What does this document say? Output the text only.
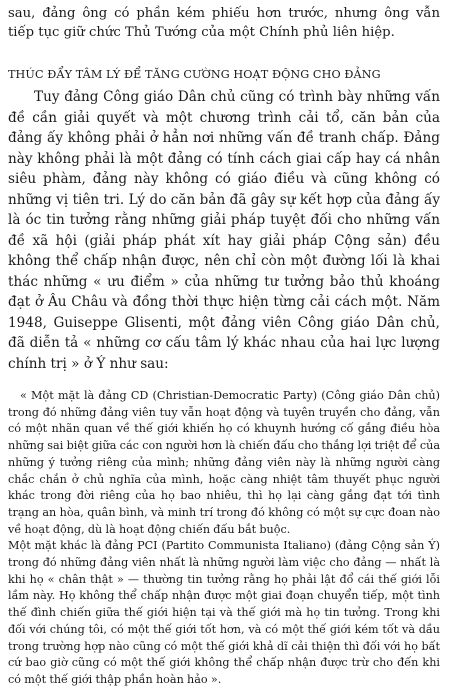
sau, đảng ông có phần kém phiếu hơn trước, nhưng ông vẫn tiếp tục giữ chức Thủ Tướng của một Chính phủ liên hiệp.

THÚC ĐẨY TÂM LÝ ĐỂ TĂNG CƯỜNG HOẠT ĐỘNG CHO ĐẢNG

Tuy đảng Công giáo Dân chủ cũng có trình bày những vấn đề cần giải quyết và một chương trình cải tổ, căn bản của đảng ấy không phải ở hẳn nơi những vấn đề tranh chấp. Đảng này không phải là một đảng có tính cách giai cấp hay cá nhân siêu phàm, đảng này không có giáo điều và cũng không có những vị tiên tri. Lý do căn bản đã gây sự kết hợp của đảng ấy là óc tin tưởng rằng những giải pháp tuyệt đối cho những vấn đề xã hội (giải pháp phát xít hay giải pháp Cộng sản) đều không thể chấp nhận được, nên chỉ còn một đường lối là khai thác những « ưu điểm » của những tư tưởng bảo thủ khoáng đạt ở Âu Châu và đồng thời thực hiện từng cải cách một. Năm 1948, Guiseppe Glisenti, một đảng viên Công giáo Dân chủ, đã diễn tả « những cơ cấu tâm lý khác nhau của hai lực lượng chính trị » ở Ý như sau:

« Một mặt là đảng CD (Christian-Democratic Party) (Công giáo Dân chủ) trong đó những đảng viên tuy vẫn hoạt động và tuyên truyền cho đảng, vẫn có một nhãn quan về thế giới khiến họ có khuynh hướng cố gắng điều hòa những sai biệt giữa các con người hơn là chiến đấu cho thắng lợi triệt để của những ý tưởng riêng của mình; những đảng viên này là những người càng chắc chắn ở chủ nghĩa của mình, hoặc càng nhiệt tâm thuyết phục người khác trong đời riêng của họ bao nhiêu, thì họ lại càng gắng đạt tới tình trạng an hòa, quân bình, và minh trí trong đó không có một sự cực đoan nào về hoạt động, dù là hoạt động chiến đấu bắt buộc.

Một mặt khác là đảng PCI (Partito Communista Italiano) (đảng Cộng sản Ý) trong đó những đảng viên nhất là những người làm việc cho đảng — nhất là khi họ « chân thật » — thường tin tưởng rằng họ phải lật đổ cái thế giới lỗi lầm này. Họ không thể chấp nhận được một giai đoạn chuyển tiếp, một tình thế đình chiến giữa thế giới hiện tại và thế giới mà họ tin tưởng. Trong khi đối với chúng tôi, có một thế giới tốt hơn, và có một thế giới kém tốt và dầu trong trường hợp nào cũng có một thế giới khả dĩ cải thiện thì đối với họ bất cứ bao giờ cũng có một thế giới không thể chấp nhận được trừ cho đến khi có một thế giới thập phần hoàn hảo ».
